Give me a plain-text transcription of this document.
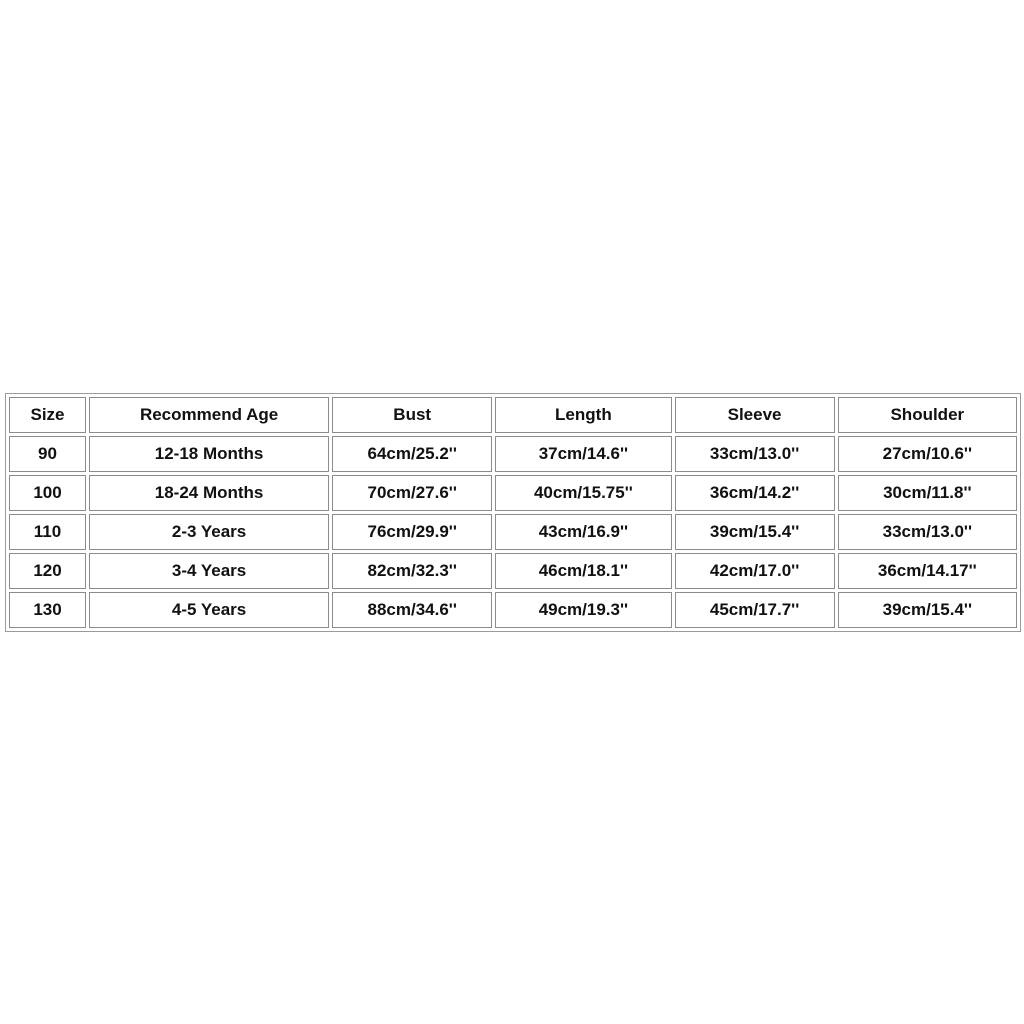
Size	Recommend Age	Bust	Length	Sleeve	Shoulder
90	12-18 Months	64cm/25.2''	37cm/14.6''	33cm/13.0''	27cm/10.6''
100	18-24 Months	70cm/27.6''	40cm/15.75''	36cm/14.2''	30cm/11.8''
110	2-3 Years	76cm/29.9''	43cm/16.9''	39cm/15.4''	33cm/13.0''
120	3-4 Years	82cm/32.3''	46cm/18.1''	42cm/17.0''	36cm/14.17''
130	4-5 Years	88cm/34.6''	49cm/19.3''	45cm/17.7''	39cm/15.4''
